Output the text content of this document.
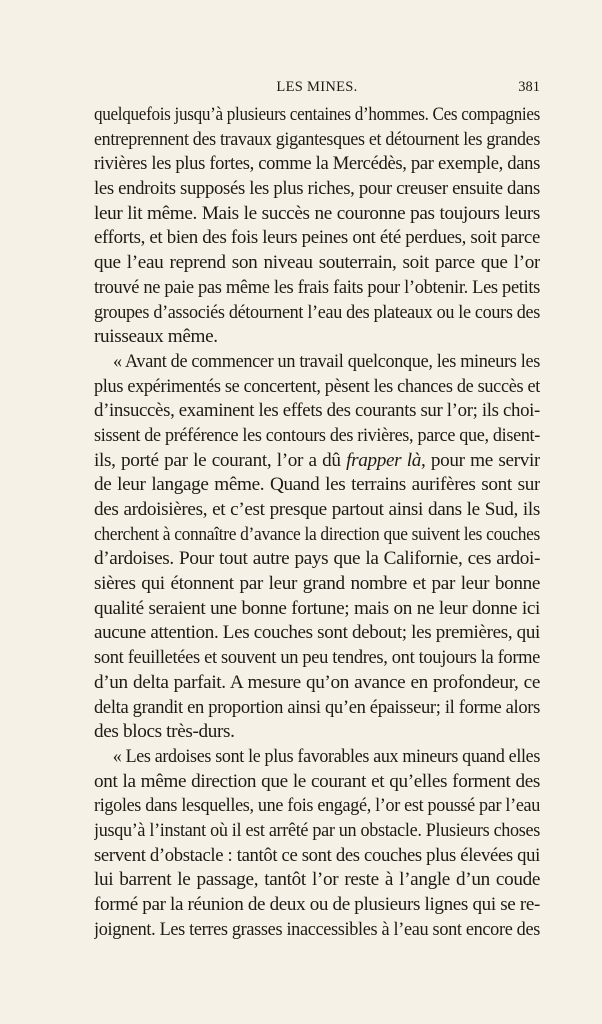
LES MINES.	381
quelquefois jusqu’à plusieurs centaines d’hommes. Ces compagnies
entreprennent des travaux gigantesques et détournent les grandes
rivières les plus fortes, comme la Mercédès, par exemple, dans
les endroits supposés les plus riches, pour creuser ensuite dans
leur lit même. Mais le succès ne couronne pas toujours leurs
efforts, et bien des fois leurs peines ont été perdues, soit parce
que l’eau reprend son niveau souterrain, soit parce que l’or
trouvé ne paie pas même les frais faits pour l’obtenir. Les petits
groupes d’associés détournent l’eau des plateaux ou le cours des
ruisseaux même.
« Avant de commencer un travail quelconque, les mineurs les
plus expérimentés se concertent, pèsent les chances de succès et
d’insuccès, examinent les effets des courants sur l’or; ils choi-
sissent de préférence les contours des rivières, parce que, disent-
ils, porté par le courant, l’or a dû frapper là, pour me servir
de leur langage même. Quand les terrains aurifères sont sur
des ardoisières, et c’est presque partout ainsi dans le Sud, ils
cherchent à connaître d’avance la direction que suivent les couches
d’ardoises. Pour tout autre pays que la Californie, ces ardoi-
sières qui étonnent par leur grand nombre et par leur bonne
qualité seraient une bonne fortune; mais on ne leur donne ici
aucune attention. Les couches sont debout; les premières, qui
sont feuilletées et souvent un peu tendres, ont toujours la forme
d’un delta parfait. A mesure qu’on avance en profondeur, ce
delta grandit en proportion ainsi qu’en épaisseur; il forme alors
des blocs très-durs.
« Les ardoises sont le plus favorables aux mineurs quand elles
ont la même direction que le courant et qu’elles forment des
rigoles dans lesquelles, une fois engagé, l’or est poussé par l’eau
jusqu’à l’instant où il est arrêté par un obstacle. Plusieurs choses
servent d’obstacle : tantôt ce sont des couches plus élevées qui
lui barrent le passage, tantôt l’or reste à l’angle d’un coude
formé par la réunion de deux ou de plusieurs lignes qui se re-
joignent. Les terres grasses inaccessibles à l’eau sont encore des
